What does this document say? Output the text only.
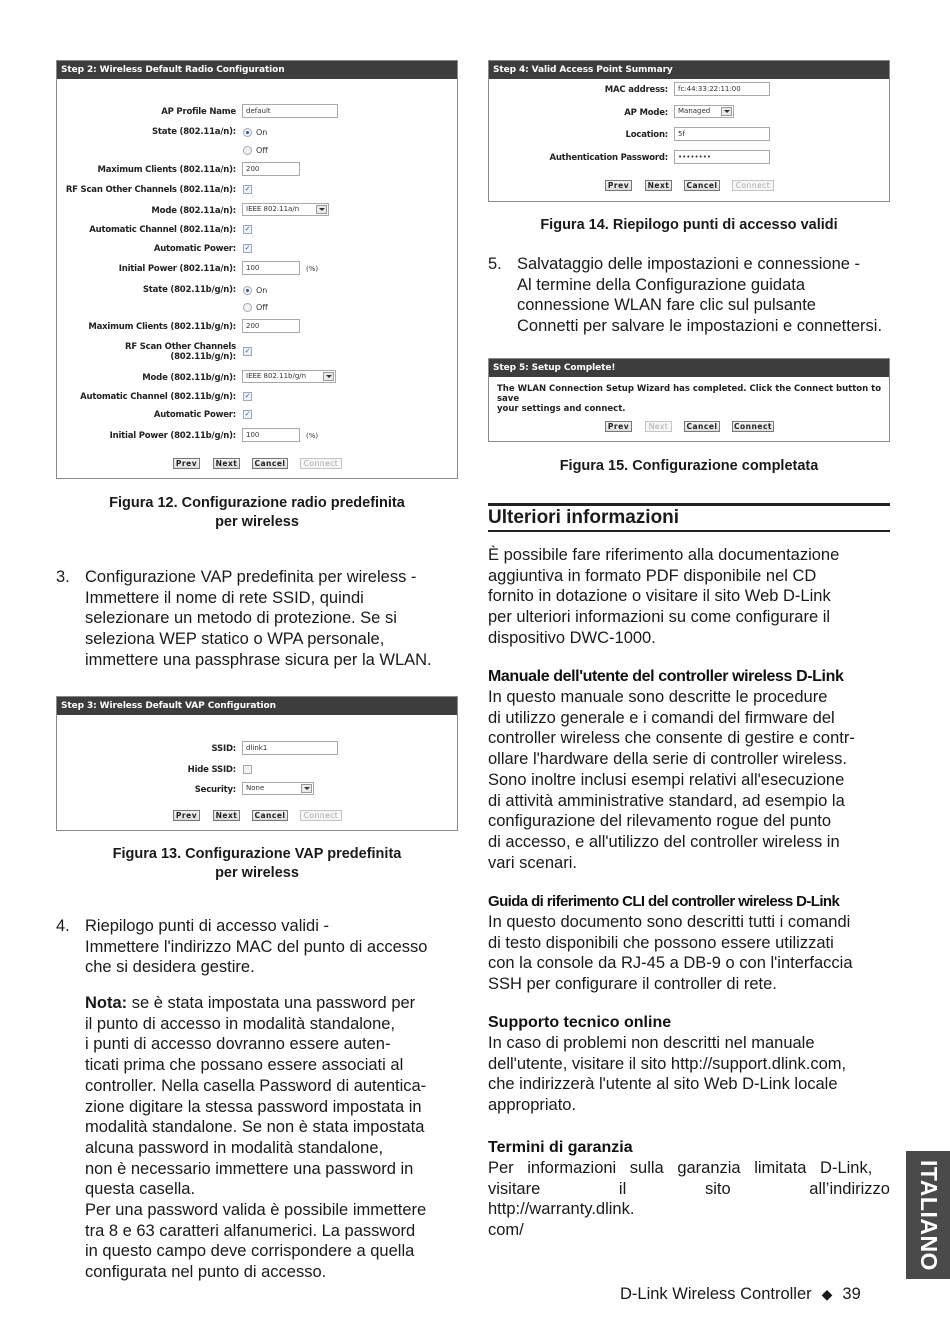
Step 2: Wireless Default Radio Configuration
AP Profile Name	default
State (802.11a/n):	On
Off
Maximum Clients (802.11a/n):	200
RF Scan Other Channels (802.11a/n): ✓
Mode (802.11a/n):	IEEE 802.11a/n
Automatic Channel (802.11a/n): ✓
Automatic Power: ✓
Initial Power (802.11a/n):	100	(%)
State (802.11b/g/n):	On
Off
Maximum Clients (802.11b/g/n):	200
RF Scan Other Channels
(802.11b/g/n):
✓
Mode (802.11b/g/n):	IEEE 802.11b/g/n
Automatic Channel (802.11b/g/n): ✓
Automatic Power: ✓
Initial Power (802.11b/g/n):	100	(%)
Prev	Next	Cancel	Connect
Figura 12. Configurazione radio predefinita
per wireless
3. Configurazione VAP predefinita per wireless -
Immettere il nome di rete SSID, quindi
selezionare un metodo di protezione. Se si
seleziona WEP statico o WPA personale,
immettere una passphrase sicura per la WLAN.
Step 3: Wireless Default VAP Configuration
SSID:	dlink1
Hide SSID:
Security:	None
Prev	Next	Cancel	Connect
Figura 13. Configurazione VAP predefinita
per wireless
4. Riepilogo punti di accesso validi -
Immettere l'indirizzo MAC del punto di accesso
che si desidera gestire.
Nota: se è stata impostata una password per
il punto di accesso in modalità standalone,
i punti di accesso dovranno essere auten-
ticati prima che possano essere associati al
controller. Nella casella Password di autentica-
zione digitare la stessa password impostata in
modalità standalone. Se non è stata impostata
alcuna password in modalità standalone,
non è necessario immettere una password in
questa casella.
Per una password valida è possibile immettere
tra 8 e 63 caratteri alfanumerici. La password
in questo campo deve corrispondere a quella
configurata nel punto di accesso.
Step 4: Valid Access Point Summary
MAC address:	fc:44:33:22:11:00
AP Mode:	Managed
Location:	5f
Authentication Password:	••••••••
Prev	Next	Cancel	Connect
Figura 14. Riepilogo punti di accesso validi
5. Salvataggio delle impostazioni e connessione -
Al termine della Configurazione guidata
connessione WLAN fare clic sul pulsante
Connetti per salvare le impostazioni e connettersi.
Step 5: Setup Complete!
The WLAN Connection Setup Wizard has completed. Click the Connect button to save
your settings and connect.
Prev	Next	Cancel	Connect
Figura 15. Configurazione completata
Ulteriori informazioni
È possibile fare riferimento alla documentazione
aggiuntiva in formato PDF disponibile nel CD
fornito in dotazione o visitare il sito Web D-Link
per ulteriori informazioni su come configurare il
dispositivo DWC-1000.
Manuale dell'utente del controller wireless D-Link
In questo manuale sono descritte le procedure
di utilizzo generale e i comandi del firmware del
controller wireless che consente di gestire e contr-
ollare l'hardware della serie di controller wireless.
Sono inoltre inclusi esempi relativi all'esecuzione
di attività amministrative standard, ad esempio la
configurazione del rilevamento rogue del punto
di accesso, e all'utilizzo del controller wireless in
vari scenari.
Guida di riferimento CLI del controller wireless D-Link
In questo documento sono descritti tutti i comandi
di testo disponibili che possono essere utilizzati
con la console da RJ-45 a DB-9 o con l'interfaccia
SSH per configurare il controller di rete.
Supporto tecnico online
In caso di problemi non descritti nel manuale
dell'utente, visitare il sito http://support.dlink.com,
che indirizzerà l'utente al sito Web D-Link locale
appropriato.
Termini di garanzia
Per informazioni sulla garanzia limitata D-Link,
visitare il sito all’indirizzo http://warranty.dlink.
com/	ITALIANO
D-Link Wireless Controller ◆ 39
